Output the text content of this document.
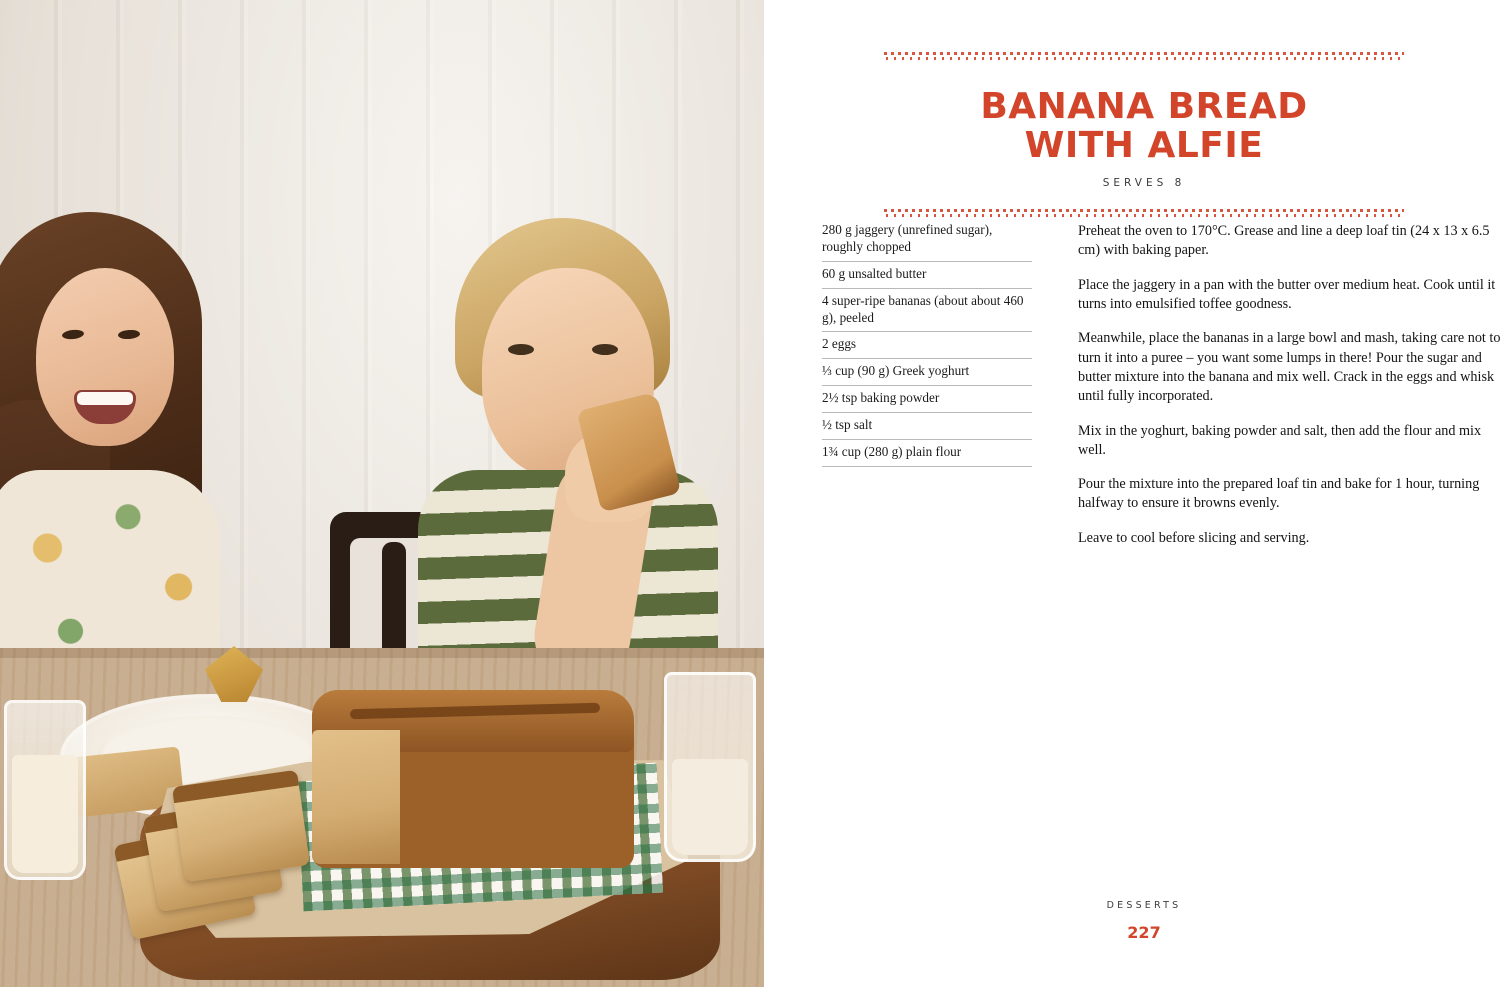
BANANA BREAD
WITH ALFIE
SERVES 8
280 g jaggery (unrefined sugar), roughly chopped
60 g unsalted butter
4 super-ripe bananas (about about 460 g), peeled
2 eggs
⅓ cup (90 g) Greek yoghurt
2½ tsp baking powder
½ tsp salt
1¾ cup (280 g) plain flour

Preheat the oven to 170°C. Grease and line a deep loaf tin (24 x 13 x 6.5 cm) with baking paper.

Place the jaggery in a pan with the butter over medium heat. Cook until it turns into emulsified toffee goodness.

Meanwhile, place the bananas in a large bowl and mash, taking care not to turn it into a puree – you want some lumps in there! Pour the sugar and butter mixture into the banana and mix well. Crack in the eggs and whisk until fully incorporated.

Mix in the yoghurt, baking powder and salt, then add the flour and mix well.

Pour the mixture into the prepared loaf tin and bake for 1 hour, turning halfway to ensure it browns evenly.

Leave to cool before slicing and serving.

DESSERTS
227
